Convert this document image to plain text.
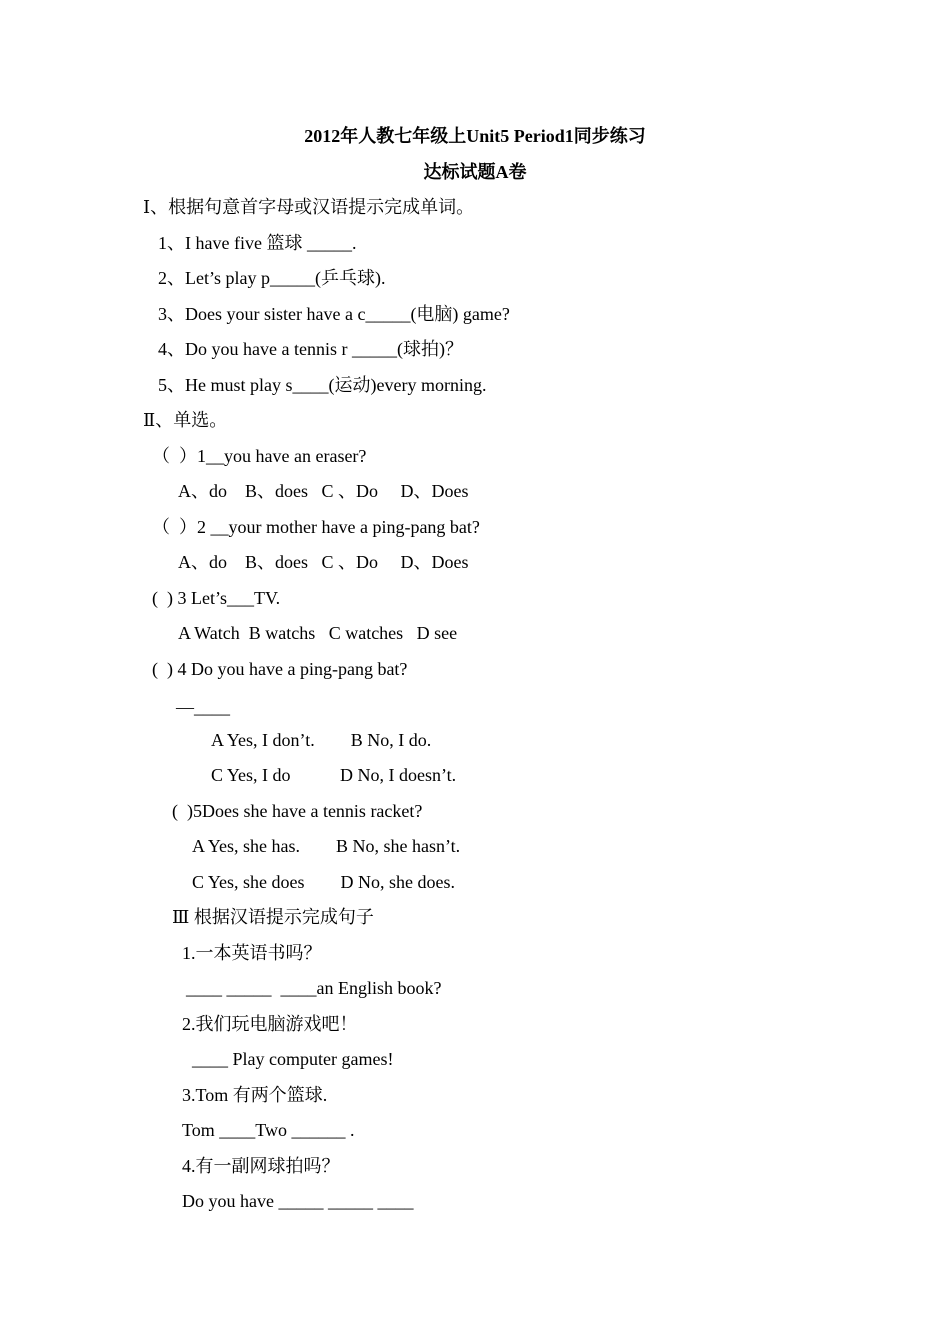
2012年人教七年级上Unit5 Period1同步练习
达标试题A卷
Ⅰ、根据句意首字母或汉语提示完成单词。
1、I have five 篮球 _____.
2、Let’s play p_____(乒乓球).
3、Does your sister have a c_____(电脑) game?
4、Do you have a tennis r _____(球拍)？
5、He must play s____(运动)every morning.
Ⅱ、单选。
（  ）1__you have an eraser?
A、do    B、does   C 、Do     D、Does
（  ）2 __your mother have a ping-pang bat?
A、do    B、does   C 、Do     D、Does
(  ) 3 Let’s___TV.
A Watch  B watchs   C watches   D see
(  ) 4 Do you have a ping-pang bat?
—____
A Yes, I don’t.        B No, I do.
C Yes, I do           D No, I doesn’t.
(  )5Does she have a tennis racket?
A Yes, she has.        B No, she hasn’t.
C Yes, she does        D No, she does.
Ⅲ 根据汉语提示完成句子
1.一本英语书吗？
____ _____  ____an English book?
2.我们玩电脑游戏吧！
____ Play computer games!
3.Tom 有两个篮球.
Tom ____Two ______ .
4.有一副网球拍吗？
Do you have _____ _____ ____
